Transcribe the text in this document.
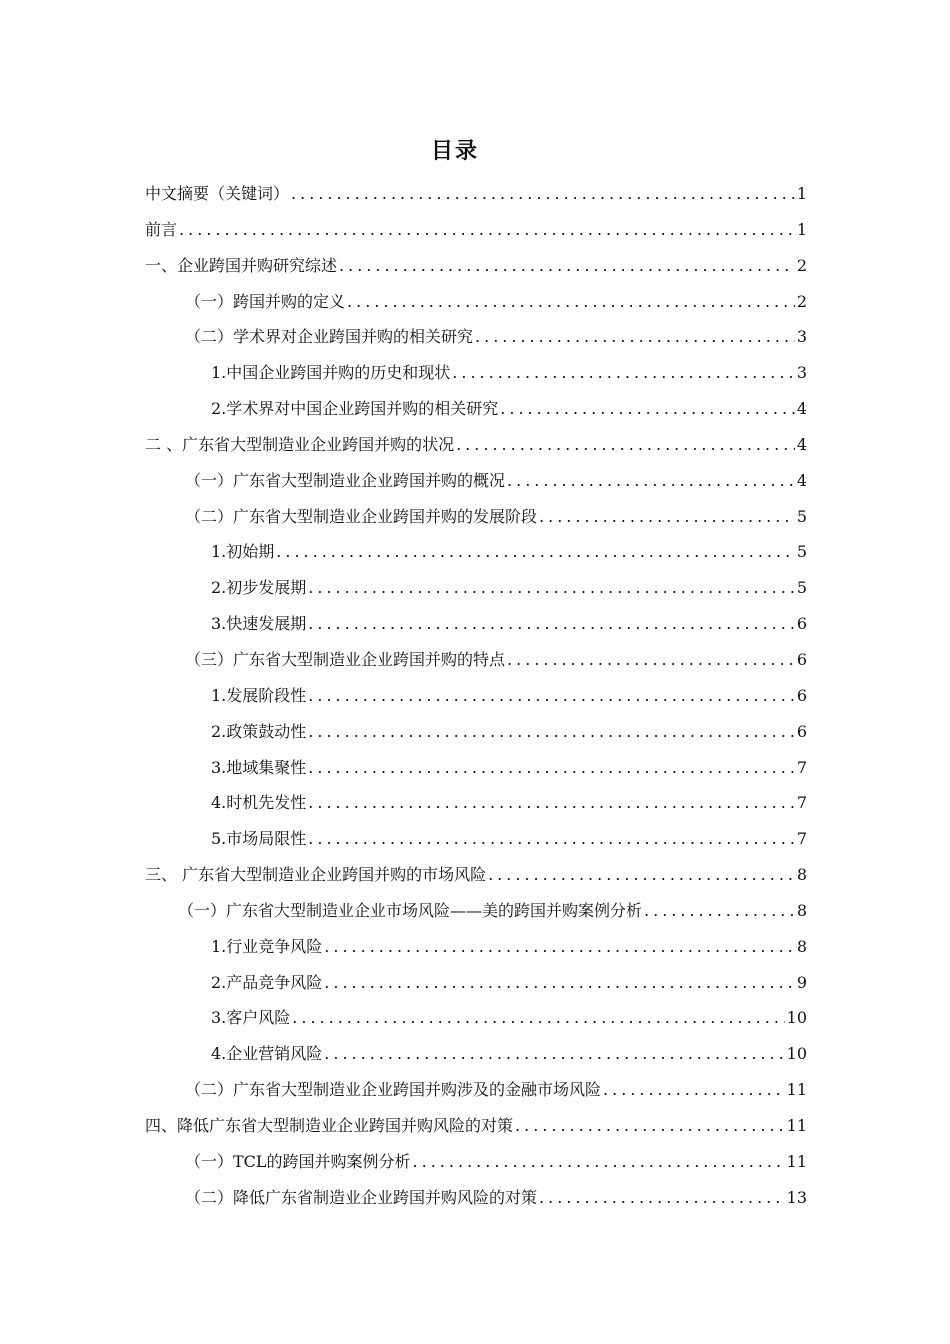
目录
中文摘要（关键词） .....	1
前言 .....	1
一、企业跨国并购研究综述 .....	2
（一）跨国并购的定义 .....	2
（二）学术界对企业跨国并购的相关研究 .....	3
1.中国企业跨国并购的历史和现状 .....	3
2.学术界对中国企业跨国并购的相关研究 .....	4
二 、广东省大型制造业企业跨国并购的状况 .....	4
（一）广东省大型制造业企业跨国并购的概况 .....	4
（二）广东省大型制造业企业跨国并购的发展阶段 .....	5
1.初始期 .....	5
2.初步发展期 .....	5
3.快速发展期 .....	6
（三）广东省大型制造业企业跨国并购的特点 .....	6
1.发展阶段性 .....	6
2.政策鼓动性 .....	6
3.地域集聚性 .....	7
4.时机先发性 .....	7
5.市场局限性 .....	7
三、 广东省大型制造业企业跨国并购的市场风险 .....	8
（一）广东省大型制造业企业市场风险——美的跨国并购案例分析 .....	8
1.行业竞争风险 .....	8
2.产品竞争风险 .....	9
3.客户风险 .....	10
4.企业营销风险 .....	10
（二）广东省大型制造业企业跨国并购涉及的金融市场风险 .....	11
四、降低广东省大型制造业企业跨国并购风险的对策 .....	11
（一）TCL的跨国并购案例分析 .....	11
（二）降低广东省制造业企业跨国并购风险的对策 .....	13
